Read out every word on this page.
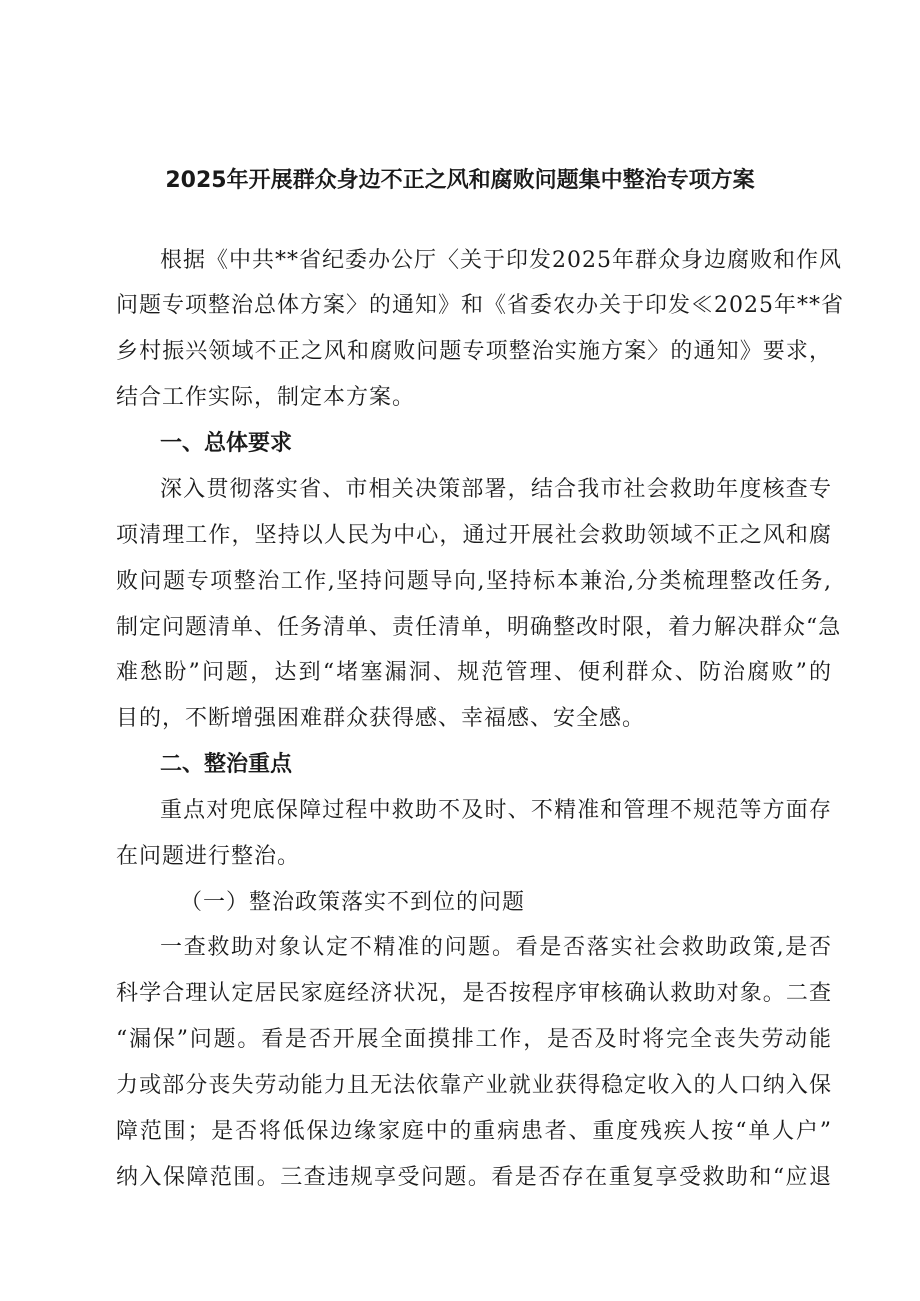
2025年开展群众身边不正之风和腐败问题集中整治专项方案
根据《中共**省纪委办公厅〈关于印发2025年群众身边腐败和作风
问题专项整治总体方案〉的通知》和《省委农办关于印发≪2025年**省
乡村振兴领域不正之风和腐败问题专项整治实施方案〉的通知》要求，
结合工作实际，制定本方案。
一、总体要求
深入贯彻落实省、市相关决策部署，结合我市社会救助年度核查专
项清理工作，坚持以人民为中心，通过开展社会救助领域不正之风和腐
败问题专项整治工作,坚持问题导向,坚持标本兼治,分类梳理整改任务,
制定问题清单、任务清单、责任清单，明确整改时限，着力解决群众“急
难愁盼”问题，达到“堵塞漏洞、规范管理、便利群众、防治腐败”的
目的，不断增强困难群众获得感、幸福感、安全感。
二、整治重点
重点对兜底保障过程中救助不及时、不精准和管理不规范等方面存
在问题进行整治。
（一）整治政策落实不到位的问题
一查救助对象认定不精准的问题。看是否落实社会救助政策,是否
科学合理认定居民家庭经济状况，是否按程序审核确认救助对象。二查
“漏保”问题。看是否开展全面摸排工作，是否及时将完全丧失劳动能
力或部分丧失劳动能力且无法依靠产业就业获得稳定收入的人口纳入保
障范围；是否将低保边缘家庭中的重病患者、重度残疾人按“单人户”
纳入保障范围。三查违规享受问题。看是否存在重复享受救助和“应退
